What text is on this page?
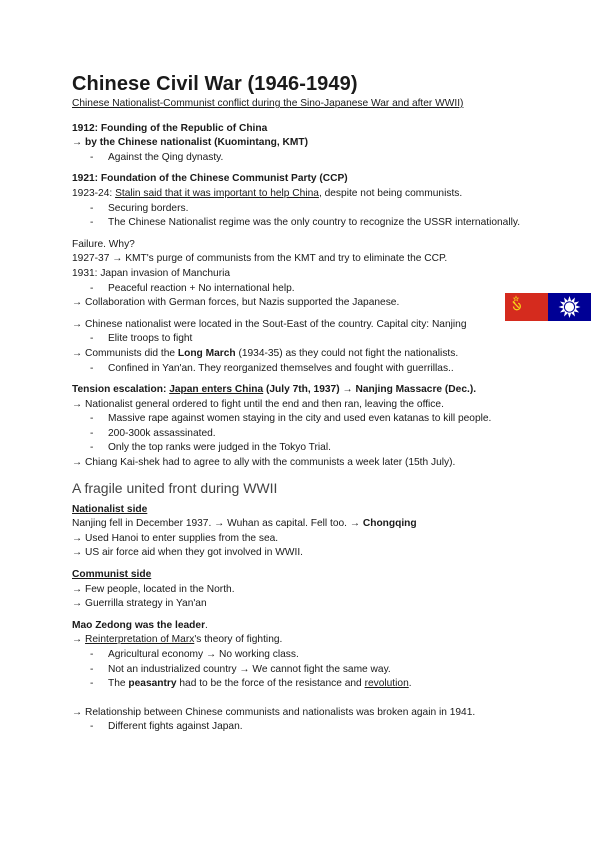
Chinese Civil War (1946-1949)

Chinese Nationalist-Communist conflict during the Sino-Japanese War and after WWII)

1912: Founding of the Republic of China

→ by the Chinese nationalist (Kuomintang, KMT)

- Against the Qing dynasty.

1921: Foundation of the Chinese Communist Party (CCP)

1923-24: Stalin said that it was important to help China, despite not being communists.

- Securing borders.
- The Chinese Nationalist regime was the only country to recognize the USSR internationally.

Failure. Why?

1927-37 → KMT's purge of communists from the KMT and try to eliminate the CCP.

1931: Japan invasion of Manchuria

- Peaceful reaction + No international help.

→ Collaboration with German forces, but Nazis supported the Japanese.

→ Chinese nationalist were located in the Sout-East of the country. Capital city: Nanjing

- Elite troops to fight

→ Communists did the Long March (1934-35) as they could not fight the nationalists.

- Confined in Yan'an. They reorganized themselves and fought with guerrillas..

Tension escalation: Japan enters China (July 7th, 1937) → Nanjing Massacre (Dec.).

→ Nationalist general ordered to fight until the end and then ran, leaving the office.

- Massive rape against women staying in the city and used even katanas to kill people.
- 200-300k assassinated.
- Only the top ranks were judged in the Tokyo Trial.

→ Chiang Kai-shek had to agree to ally with the communists a week later (15th July).

A fragile united front during WWII

Nationalist side

Nanjing fell in December 1937. → Wuhan as capital. Fell too. → Chongqing

→ Used Hanoi to enter supplies from the sea.

→ US air force aid when they got involved in WWII.

Communist side

→ Few people, located in the North.

→ Guerrilla strategy in Yan'an

Mao Zedong was the leader.

→ Reinterpretation of Marx's theory of fighting.

- Agricultural economy → No working class.
- Not an industrialized country → We cannot fight the same way.
- The peasantry had to be the force of the resistance and revolution.

→ Relationship between Chinese communists and nationalists was broken again in 1941.

- Different fights against Japan.
